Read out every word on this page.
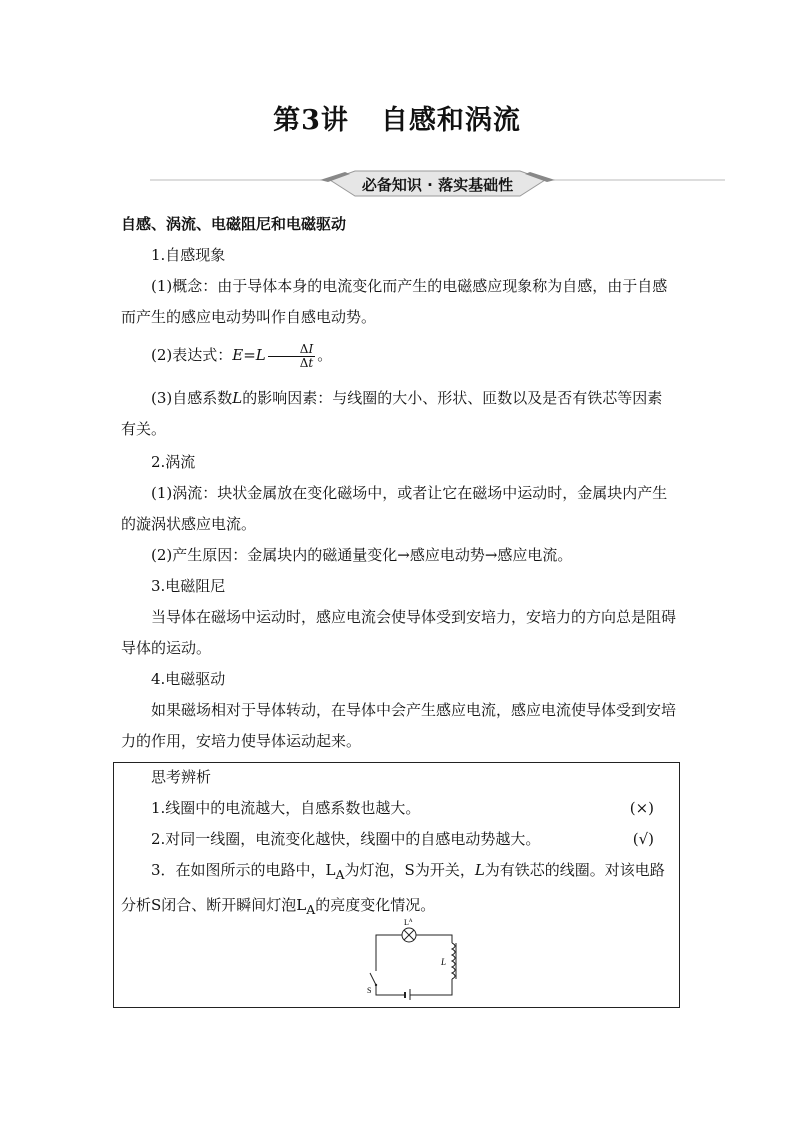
第3讲 自感和涡流
必备知识 · 落实基础性
自感、涡流、电磁阻尼和电磁驱动
1.自感现象
(1)概念：由于导体本身的电流变化而产生的电磁感应现象称为自感，由于自感而产生的感应电动势叫作自感电动势。
(2)表达式：$E=L \frac{\Delta I}{\Delta t}$ 。
(3)自感系数L的影响因素：与线圈的大小、形状、匝数以及是否有铁芯等因素有关。
2.涡流
(1)涡流：块状金属放在变化磁场中，或者让它在磁场中运动时，金属块内产生的漩涡状感应电流。
(2)产生原因：金属块内的磁通量变化→感应电动势→感应电流。
3.电磁阻尼
当导体在磁场中运动时，感应电流会使导体受到安培力，安培力的方向总是阻碍导体的运动。
4.电磁驱动
如果磁场相对于导体转动，在导体中会产生感应电流，感应电流使导体受到安培力的作用，安培力使导体运动起来。
思考辨析
1.线圈中的电流越大，自感系数也越大。	(×)
2.对同一线圈，电流变化越快，线圈中的自感电动势越大。	(√)
3．在如图所示的电路中，$L_A$为灯泡，S为开关，L为有铁芯的线圈。对该电路分析S闭合、断开瞬间灯泡$L_A$的亮度变化情况。
$L^A$
L
S
